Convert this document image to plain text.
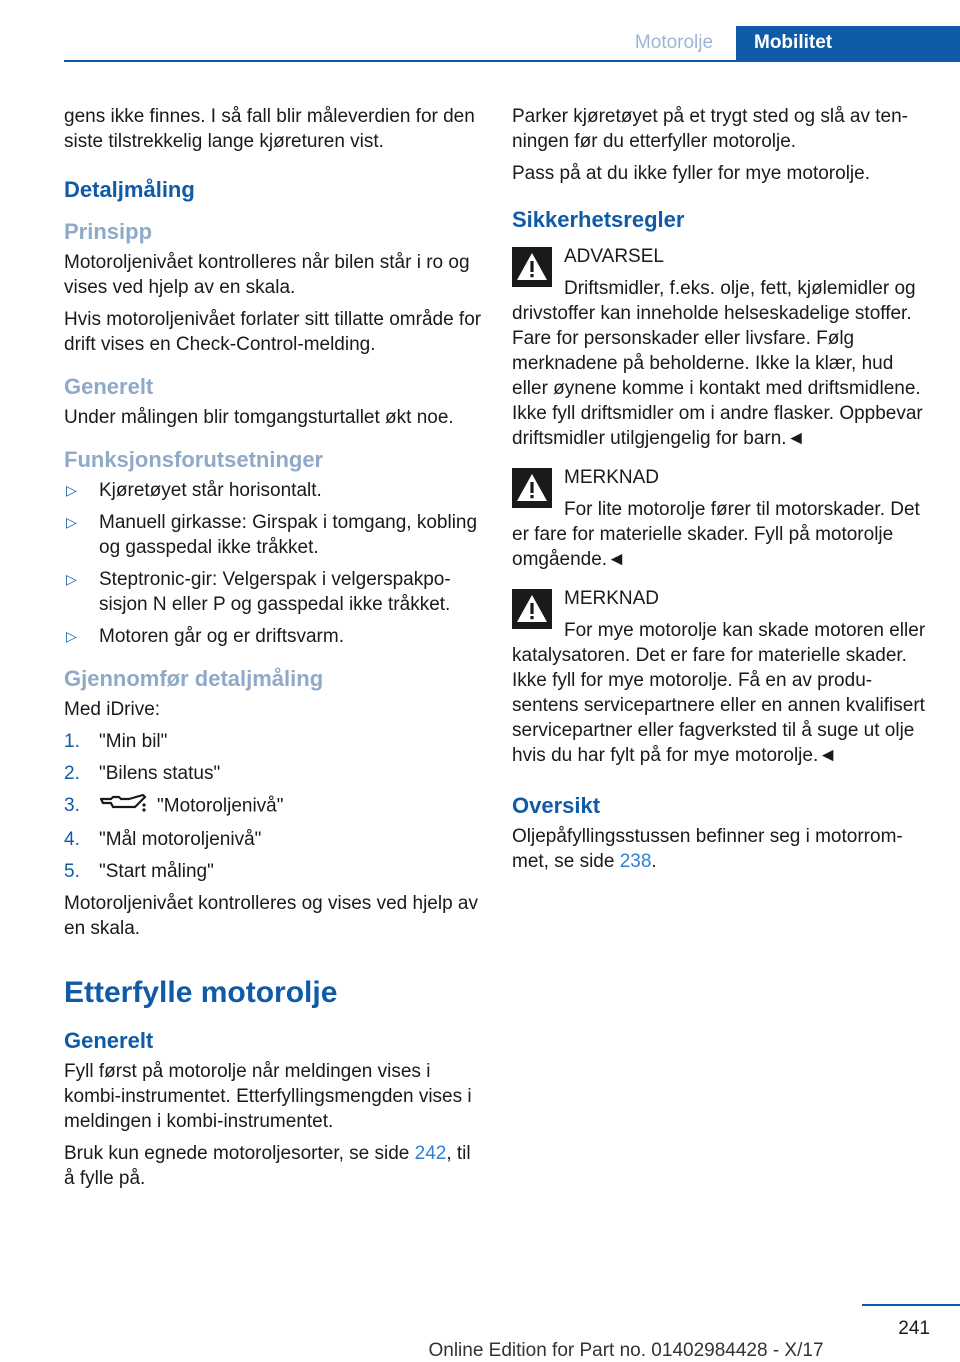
Motorolje	Mobilitet

gens ikke finnes. I så fall blir måleverdien for den siste tilstrekkelig lange kjøreturen vist.

Detaljmåling
Prinsipp

Motoroljenivået kontrolleres når bilen står i ro og vises ved hjelp av en skala.

Hvis motoroljenivået forlater sitt tillatte område for drift vises en Check-Control-melding.

Generelt

Under målingen blir tomgangsturtallet økt noe.

Funksjonsforutsetninger
▷ Kjøretøyet står horisontalt.
▷ Manuell girkasse: Girspak i tomgang, kobling og gasspedal ikke tråkket.
▷ Steptronic-gir: Velgerspak i velgerspakposisjon N eller P og gasspedal ikke tråkket.
▷ Motoren går og er driftsvarm.
Gjennomfør detaljmåling

Med iDrive:

1. "Min bil"
2. "Bilens status"
3.	"Motoroljenivå"
4. "Mål motoroljenivå"
5. "Start måling"

Motoroljenivået kontrolleres og vises ved hjelp av en skala.

Etterfylle motorolje
Generelt

Fyll først på motorolje når meldingen vises i kombi-instrumentet. Etterfyllingsmengden vises i meldingen i kombi-instrumentet.

Bruk kun egnede motoroljesorter, se side 242, til å fylle på.

Parker kjøretøyet på et trygt sted og slå av tenningen før du etterfyller motorolje.

Pass på at du ikke fyller for mye motorolje.

Sikkerhetsregler
ADVARSEL

Driftsmidler, f.eks. olje, fett, kjølemidler og drivstoffer kan inneholde helseskadelige stoffer. Fare for personskader eller livsfare. Følg merknadene på beholderne. Ikke la klær, hud eller øynene komme i kontakt med driftsmidlene. Ikke fyll driftsmidler om i andre flasker. Oppbevar driftsmidler utilgjengelig for barn.◄

MERKNAD

For lite motorolje fører til motorskader. Det er fare for materielle skader. Fyll på motorolje omgående.◄

MERKNAD

For mye motorolje kan skade motoren eller katalysatoren. Det er fare for materielle skader. Ikke fyll for mye motorolje. Få en av produsentens servicepartnere eller en annen kvalifisert servicepartner eller fagverksted til å suge ut olje hvis du har fylt på for mye motorolje.◄

Oversikt

Oljepåfyllingsstussen befinner seg i motorrommet, se side 238.

241
Online Edition for Part no. 01402984428 - X/17
